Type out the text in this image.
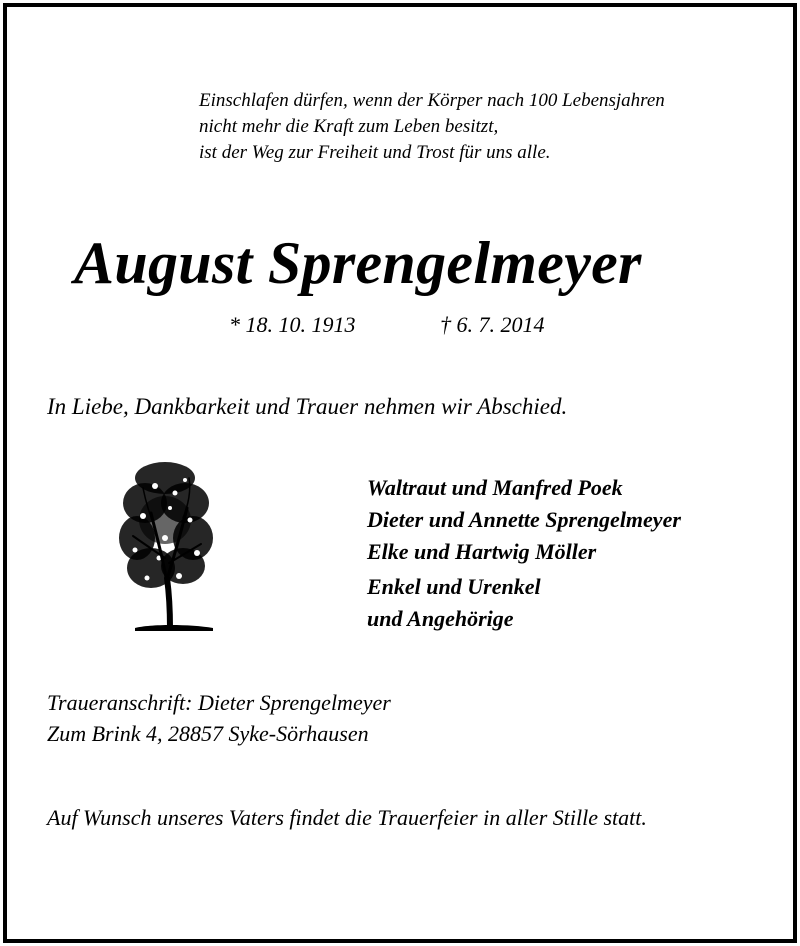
Einschlafen dürfen, wenn der Körper nach 100 Lebensjahren
nicht mehr die Kraft zum Leben besitzt,
ist der Weg zur Freiheit und Trost für uns alle.
August Sprengelmeyer
* 18. 10. 1913	† 6. 7. 2014
In Liebe, Dankbarkeit und Trauer nehmen wir Abschied.
Waltraut und Manfred Poek
Dieter und Annette Sprengelmeyer
Elke und Hartwig Möller
Enkel und Urenkel
und Angehörige
Traueranschrift: Dieter Sprengelmeyer
Zum Brink 4, 28857 Syke-Sörhausen

Auf Wunsch unseres Vaters findet die Trauerfeier in aller Stille statt.
